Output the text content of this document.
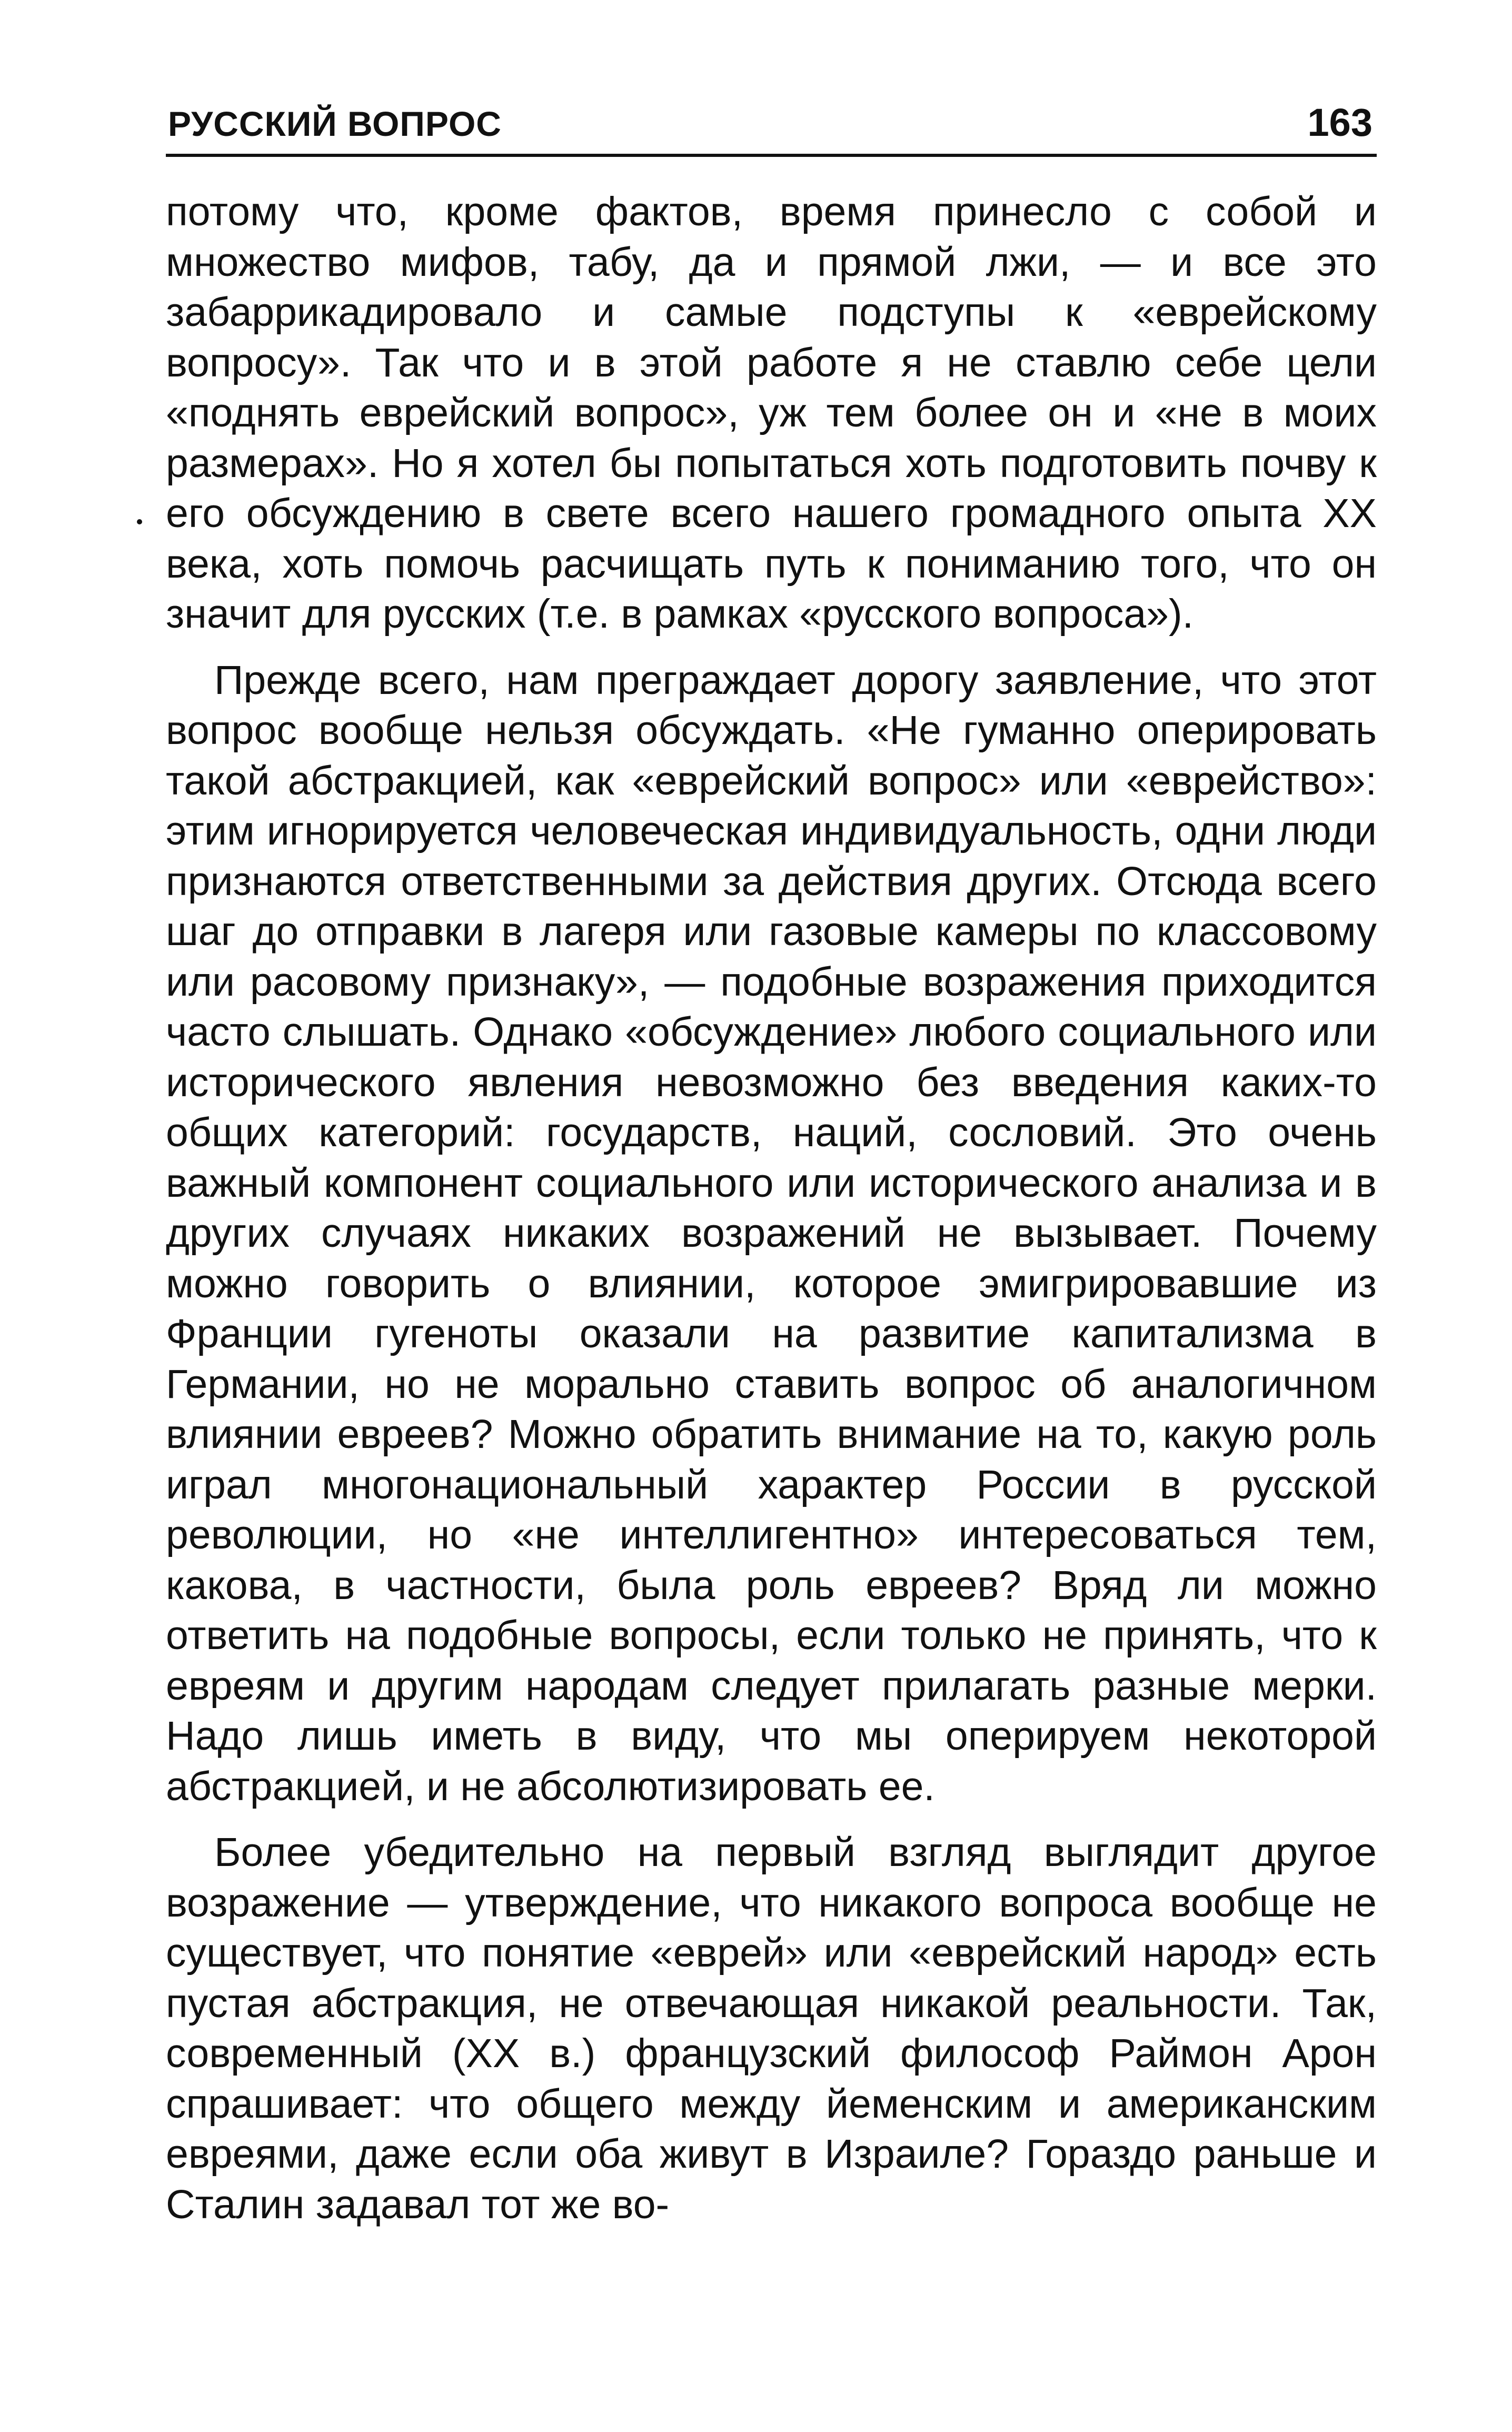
РУССКИЙ ВОПРОС	163

потому что, кроме фактов, время принесло с собой и множество мифов, табу, да и прямой лжи, — и все это забаррикадировало и самые подступы к «еврейскому вопросу». Так что и в этой работе я не ставлю себе цели «поднять еврейский вопрос», уж тем более он и «не в моих размерах». Но я хотел бы попытаться хоть подготовить почву к его обсуждению в свете всего нашего громадного опыта ХХ века, хоть помочь расчищать путь к пониманию того, что он значит для русских (т.е. в рамках «русского вопроса»).

Прежде всего, нам преграждает дорогу заявление, что этот вопрос вообще нельзя обсуждать. «Не гуманно оперировать такой абстракцией, как «еврейский вопрос» или «еврейство»: этим игнорируется человеческая индивидуальность, одни люди признаются ответственными за действия других. Отсюда всего шаг до отправки в лагеря или газовые камеры по классовому или расовому признаку», — подобные возражения приходится часто слышать. Однако «обсуждение» любого социального или исторического явления невозможно без введения каких-то общих категорий: государств, наций, сословий. Это очень важный компонент социального или исторического анализа и в других случаях никаких возражений не вызывает. Почему можно говорить о влиянии, которое эмигрировавшие из Франции гугеноты оказали на развитие капитализма в Германии, но не морально ставить вопрос об аналогичном влиянии евреев? Можно обратить внимание на то, какую роль играл многонациональный характер России в русской революции, но «не интеллигентно» интересоваться тем, какова, в частности, была роль евреев? Вряд ли можно ответить на подобные вопросы, если только не принять, что к евреям и другим народам следует прилагать разные мерки. Надо лишь иметь в виду, что мы оперируем некоторой абстракцией, и не абсолютизировать ее.

Более убедительно на первый взгляд выглядит другое возражение — утверждение, что никакого вопроса вообще не существует, что понятие «еврей» или «еврейский народ» есть пустая абстракция, не отвечающая никакой реальности. Так, современный (ХХ в.) французский философ Раймон Арон спрашивает: что общего между йеменским и американским евреями, даже если оба живут в Израиле? Гораздо раньше и Сталин задавал тот же во-
